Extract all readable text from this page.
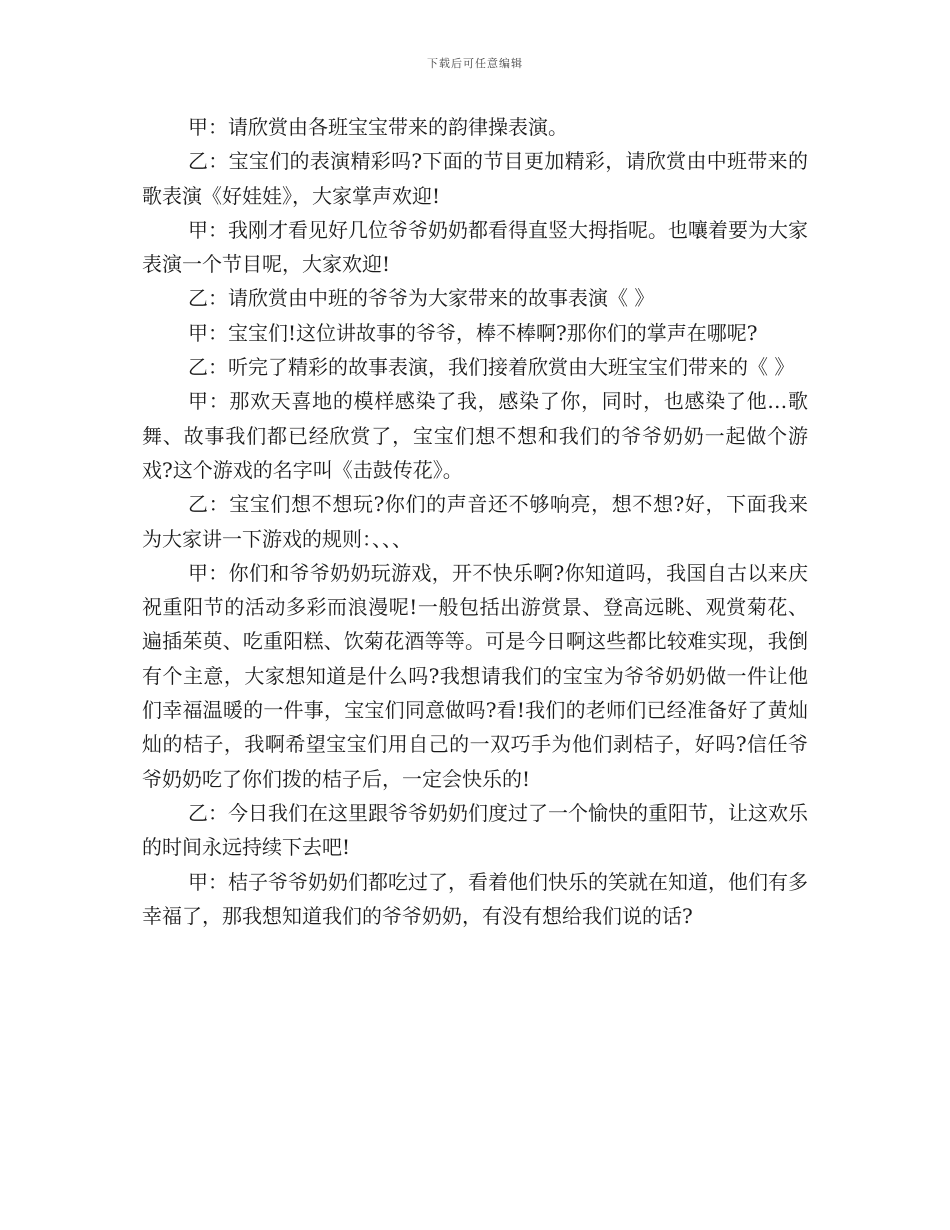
下载后可任意编辑

甲：请欣赏由各班宝宝带来的韵律操表演。

乙：宝宝们的表演精彩吗?下面的节目更加精彩，请欣赏由中班带来的歌表演《好娃娃》，大家掌声欢迎!

甲：我刚才看见好几位爷爷奶奶都看得直竖大拇指呢。也嚷着要为大家表演一个节目呢，大家欢迎!

乙：请欣赏由中班的爷爷为大家带来的故事表演《 》

甲：宝宝们!这位讲故事的爷爷，棒不棒啊?那你们的掌声在哪呢?

乙：听完了精彩的故事表演，我们接着欣赏由大班宝宝们带来的《 》

甲：那欢天喜地的模样感染了我，感染了你，同时，也感染了他…歌舞、故事我们都已经欣赏了，宝宝们想不想和我们的爷爷奶奶一起做个游戏?这个游戏的名字叫《击鼓传花》。

乙：宝宝们想不想玩?你们的声音还不够响亮，想不想?好，下面我来为大家讲一下游戏的规则：、、、

甲：你们和爷爷奶奶玩游戏，开不快乐啊?你知道吗，我国自古以来庆祝重阳节的活动多彩而浪漫呢!一般包括出游赏景、登高远眺、观赏菊花、遍插茱萸、吃重阳糕、饮菊花酒等等。可是今日啊这些都比较难实现，我倒有个主意，大家想知道是什么吗?我想请我们的宝宝为爷爷奶奶做一件让他们幸福温暖的一件事，宝宝们同意做吗?看!我们的老师们已经准备好了黄灿灿的桔子，我啊希望宝宝们用自己的一双巧手为他们剥桔子，好吗?信任爷爷奶奶吃了你们拨的桔子后，一定会快乐的!

乙：今日我们在这里跟爷爷奶奶们度过了一个愉快的重阳节，让这欢乐的时间永远持续下去吧!

甲：桔子爷爷奶奶们都吃过了，看着他们快乐的笑就在知道，他们有多幸福了，那我想知道我们的爷爷奶奶，有没有想给我们说的话?
